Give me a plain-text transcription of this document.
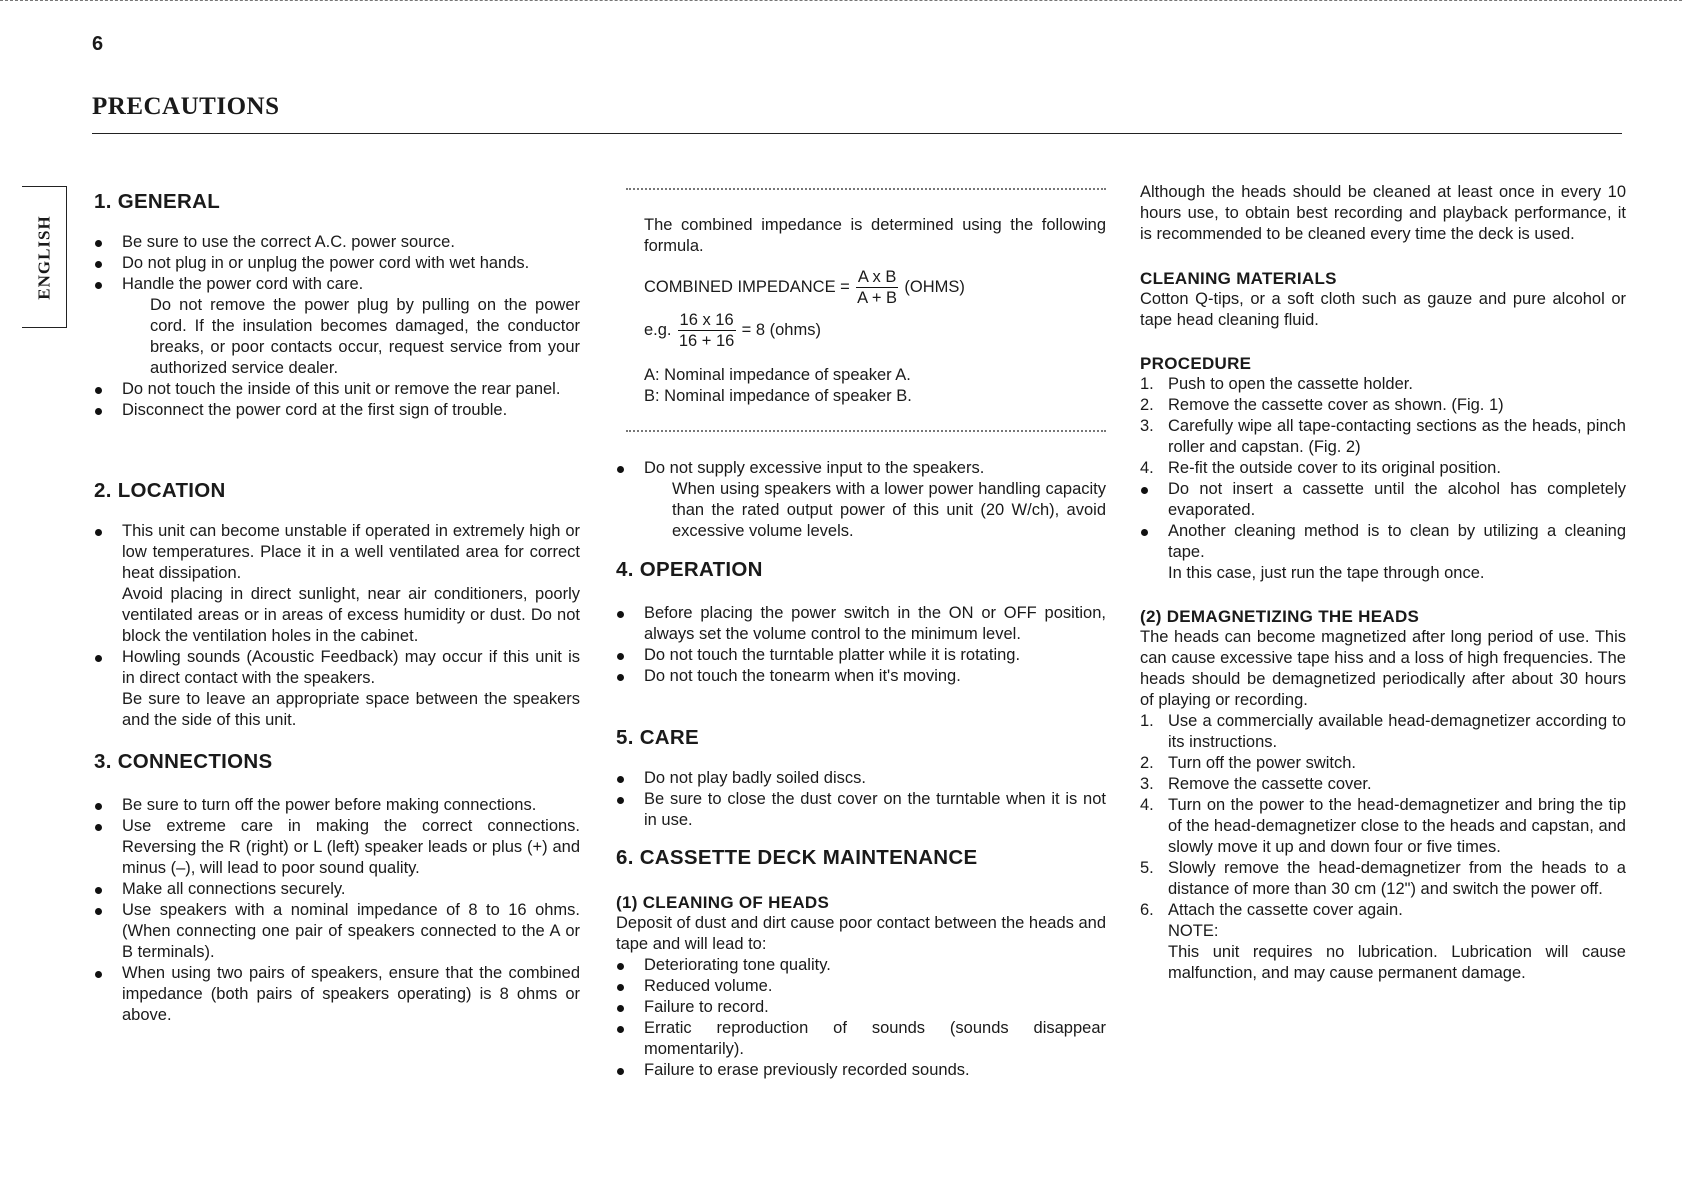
6
PRECAUTIONS
ENGLISH
1. GENERAL
Be sure to use the correct A.C. power source.
Do not plug in or unplug the power cord with wet hands.
Handle the power cord with care.
Do not remove the power plug by pulling on the power cord. If the insulation becomes damaged, the conductor breaks, or poor contacts occur, request service from your authorized service dealer.
Do not touch the inside of this unit or remove the rear panel.
Disconnect the power cord at the first sign of trouble.
2. LOCATION
This unit can become unstable if operated in extremely high or low temperatures. Place it in a well ventilated area for correct heat dissipation.
Avoid placing in direct sunlight, near air conditioners, poorly ventilated areas or in areas of excess humidity or dust. Do not block the ventilation holes in the cabinet.
Howling sounds (Acoustic Feedback) may occur if this unit is in direct contact with the speakers.
Be sure to leave an appropriate space between the speakers and the side of this unit.
3. CONNECTIONS
Be sure to turn off the power before making connections.
Use extreme care in making the correct connections. Reversing the R (right) or L (left) speaker leads or plus (+) and minus (–), will lead to poor sound quality.
Make all connections securely.
Use speakers with a nominal impedance of 8 to 16 ohms. (When connecting one pair of speakers connected to the A or B terminals).
When using two pairs of speakers, ensure that the combined impedance (both pairs of speakers operating) is 8 ohms or above.

The combined impedance is determined using the following formula.

COMBINED IMPEDANCE = $\frac{\text{A x B}}{A + B}$ (OHMS)
e.g. $\frac{16 x 16}{16 + 16} = 8$ (ohms)
A: Nominal impedance of speaker A.
B: Nominal impedance of speaker B.
Do not supply excessive input to the speakers.
When using speakers with a lower power handling capacity than the rated output power of this unit (20 W/ch), avoid excessive volume levels.
4. OPERATION
Before placing the power switch in the ON or OFF position, always set the volume control to the minimum level.
Do not touch the turntable platter while it is rotating.
Do not touch the tonearm when it's moving.
5. CARE
Do not play badly soiled discs.
Be sure to close the dust cover on the turntable when it is not in use.
6. CASSETTE DECK MAINTENANCE
(1) CLEANING OF HEADS

Deposit of dust and dirt cause poor contact between the heads and tape and will lead to:

Deteriorating tone quality.
Reduced volume.
Failure to record.
Erratic reproduction of sounds (sounds disappear momentarily).
Failure to erase previously recorded sounds.

Although the heads should be cleaned at least once in every 10 hours use, to obtain best recording and playback performance, it is recommended to be cleaned every time the deck is used.

CLEANING MATERIALS

Cotton Q-tips, or a soft cloth such as gauze and pure alcohol or tape head cleaning fluid.

PROCEDURE
1. Push to open the cassette holder.
2. Remove the cassette cover as shown. (Fig. 1)
3. Carefully wipe all tape-contacting sections as the heads, pinch roller and capstan. (Fig. 2)
4. Re-fit the outside cover to its original position.
Do not insert a cassette until the alcohol has completely evaporated.
Another cleaning method is to clean by utilizing a cleaning tape.
In this case, just run the tape through once.
(2) DEMAGNETIZING THE HEADS

The heads can become magnetized after long period of use. This can cause excessive tape hiss and a loss of high frequencies. The heads should be demagnetized periodically after about 30 hours of playing or recording.

1. Use a commercially available head-demagnetizer according to its instructions.
2. Turn off the power switch.
3. Remove the cassette cover.
4. Turn on the power to the head-demagnetizer and bring the tip of the head-demagnetizer close to the heads and capstan, and slowly move it up and down four or five times.
5. Slowly remove the head-demagnetizer from the heads to a distance of more than 30 cm (12") and switch the power off.
6. Attach the cassette cover again.
NOTE:
This unit requires no lubrication. Lubrication will cause malfunction, and may cause permanent damage.
